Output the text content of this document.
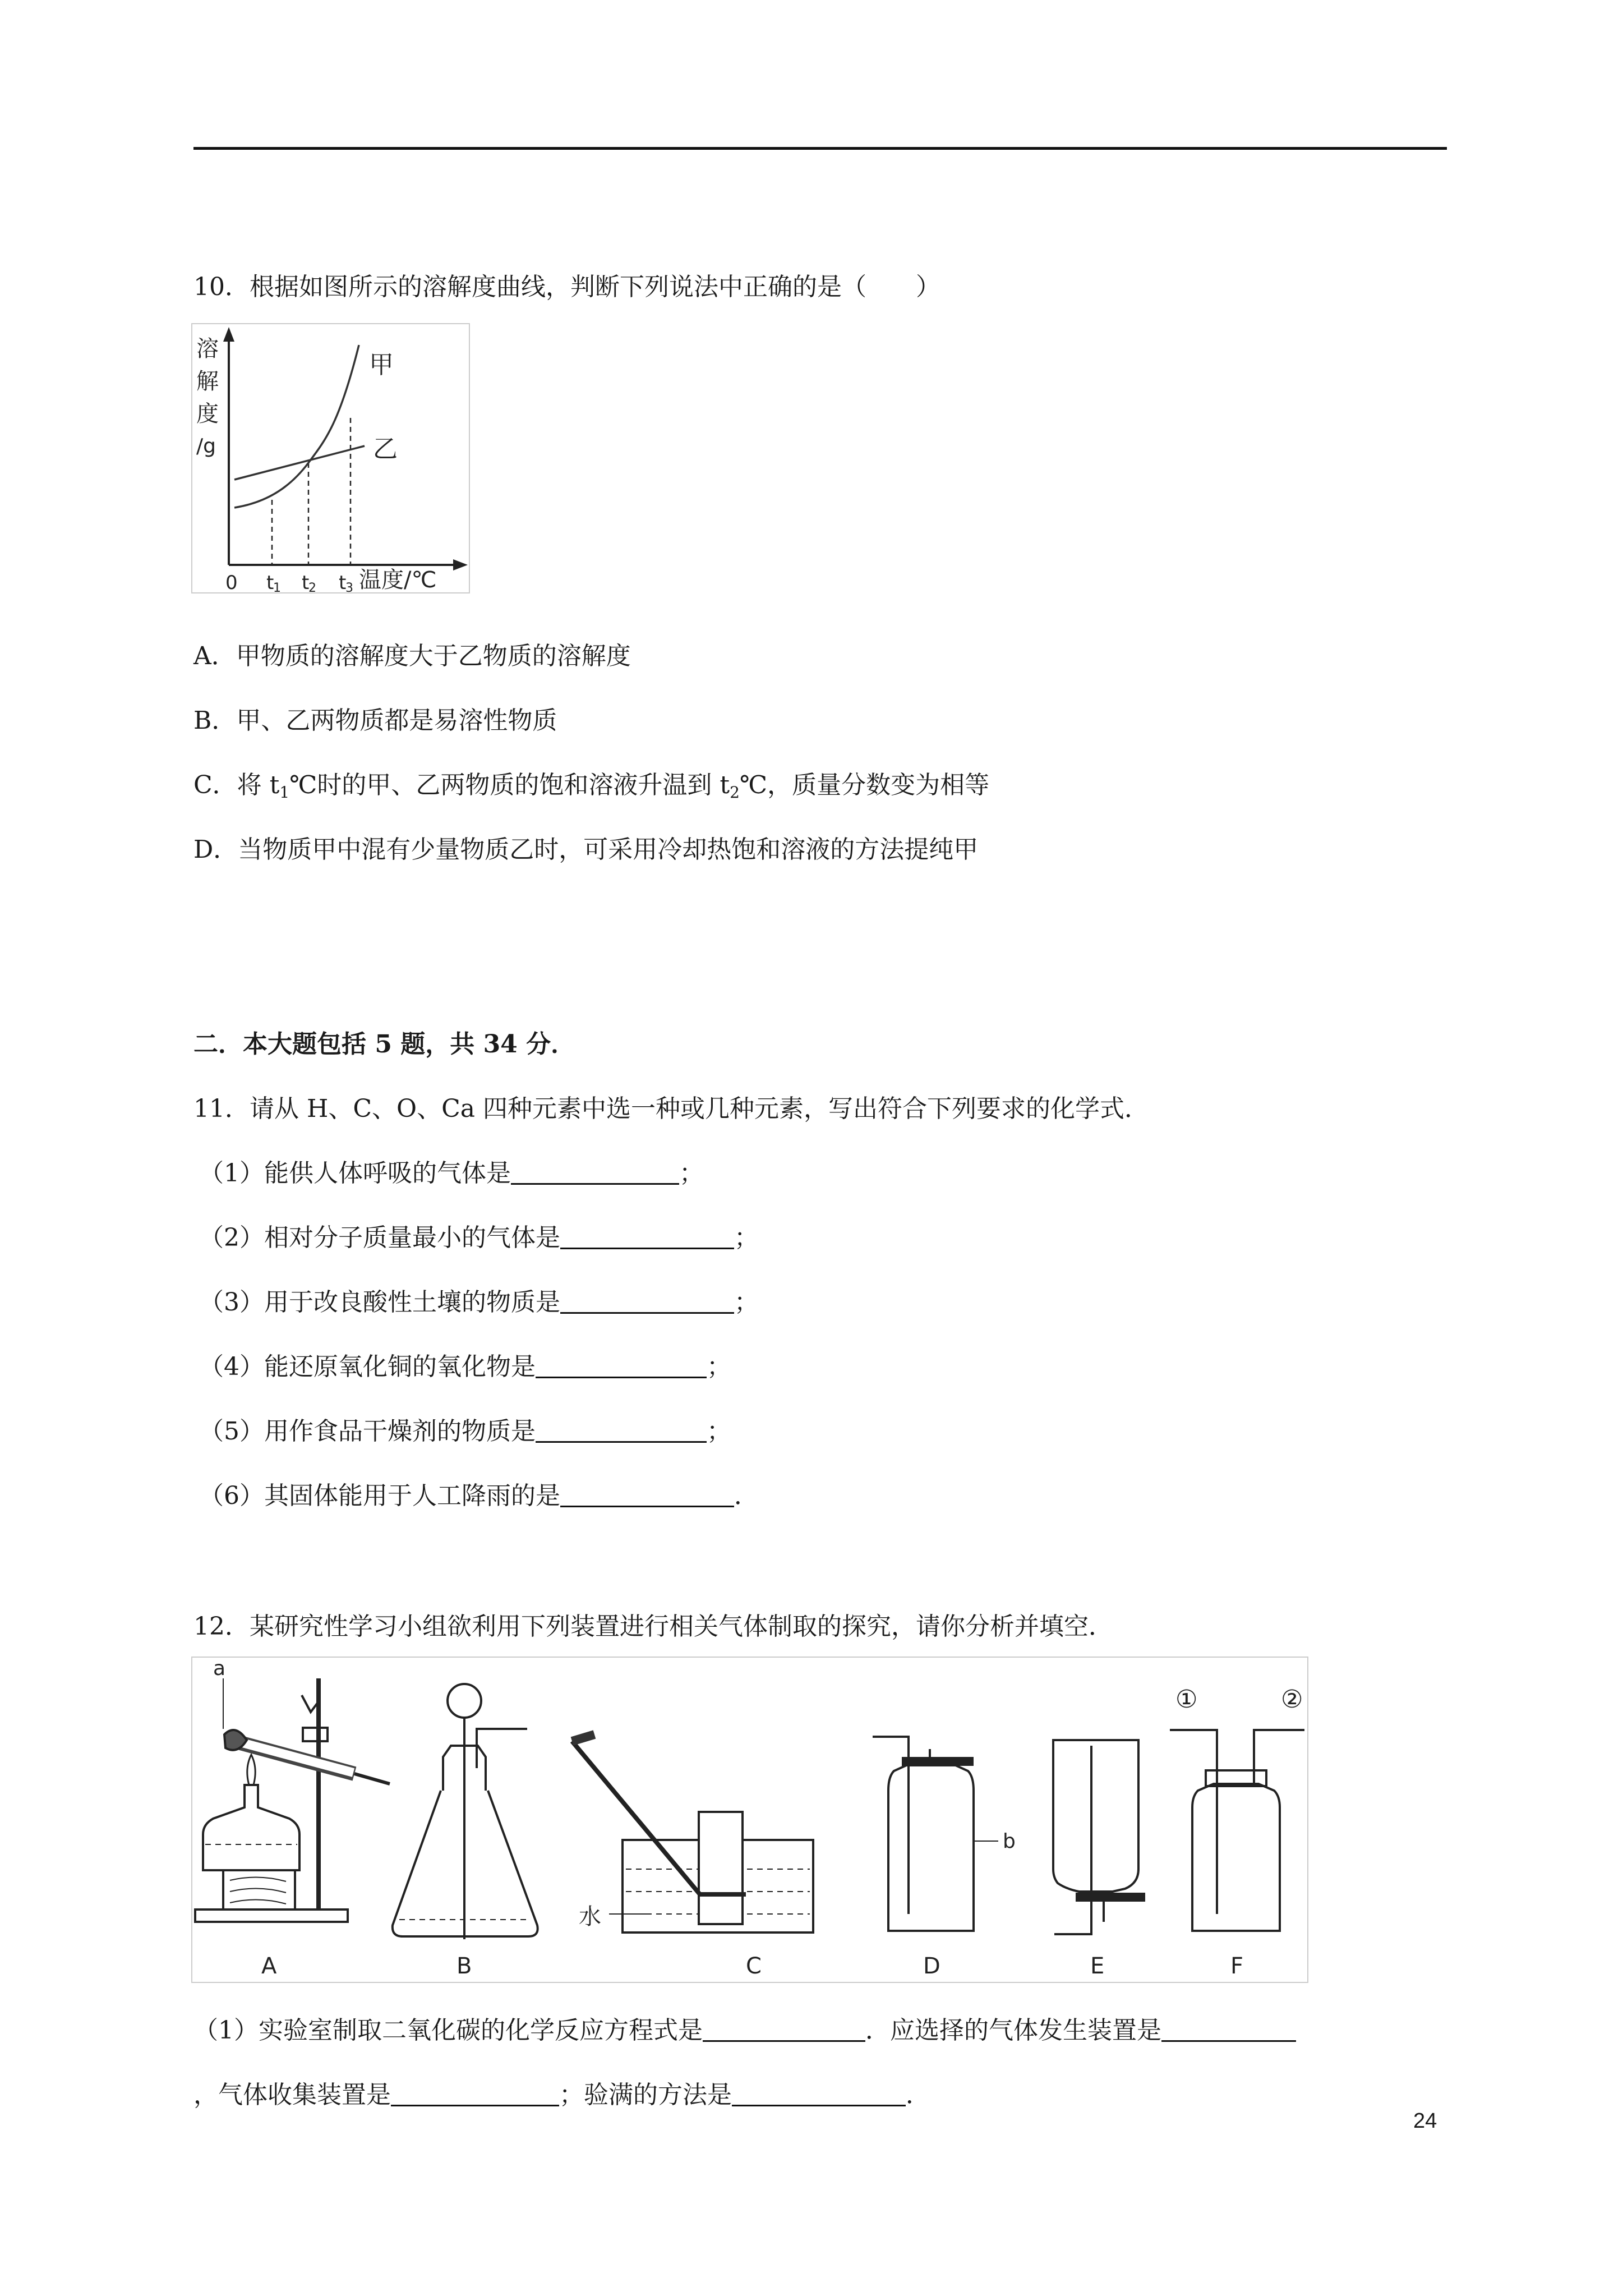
10．根据如图所示的溶解度曲线，判断下列说法中正确的是（　　）
溶
解
度
/g
甲
乙
0 t
1 t
2 t
3 温度/℃
A．甲物质的溶解度大于乙物质的溶解度
B．甲、乙两物质都是易溶性物质
C．将 $t_1℃$时的甲、乙两物质的饱和溶液升温到 $t_2℃$，质量分数变为相等
D．当物质甲中混有少量物质乙时，可采用冷却热饱和溶液的方法提纯甲
二．本大题包括 5 题，共 34 分．
11．请从 H、C、O、Ca 四种元素中选一种或几种元素，写出符合下列要求的化学式．
（1）能供人体呼吸的气体是	；
（2）相对分子质量最小的气体是	；
（3）用于改良酸性土壤的物质是	；
（4）能还原氧化铜的氧化物是	；
（5）用作食品干燥剂的物质是	；
（6）其固体能用于人工降雨的是	．
12．某研究性学习小组欲利用下列装置进行相关气体制取的探究，请你分析并填空．
a
水
b
①	②
A	B	C	D	E	F
（1）实验室制取二氧化碳的化学反应方程式是	．应选择的气体发生装置是
，气体收集装置是	；验满的方法是	．
24
